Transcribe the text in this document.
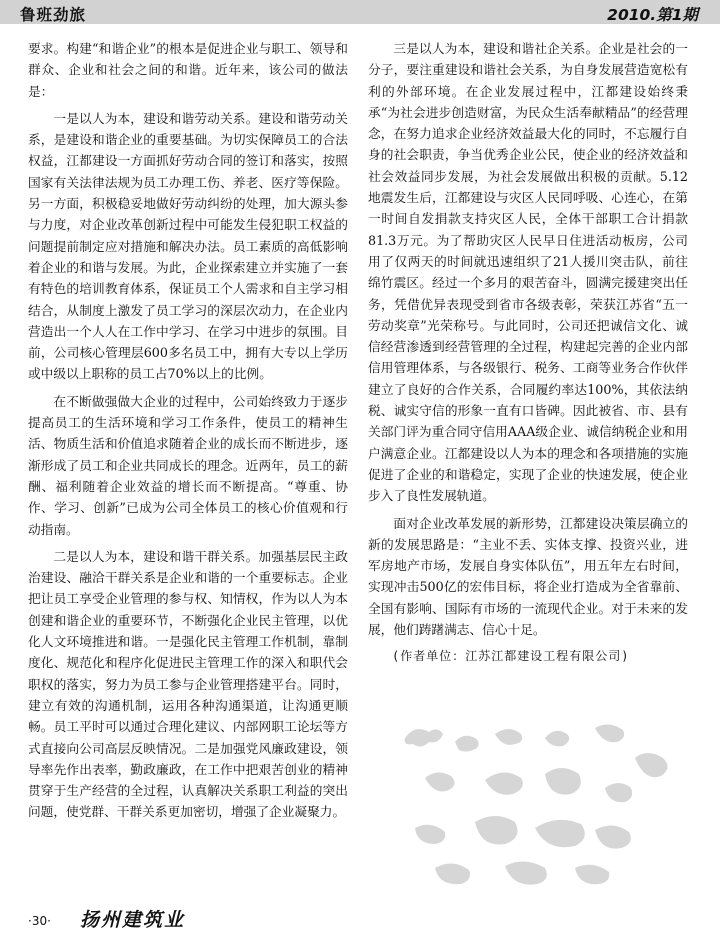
鲁班劲旅	2010.第1期

要求。构建“和谐企业”的根本是促进企业与职工、领导和群众、企业和社会之间的和谐。近年来，该公司的做法是：

一是以人为本，建设和谐劳动关系。建设和谐劳动关系，是建设和谐企业的重要基础。为切实保障员工的合法权益，江都建设一方面抓好劳动合同的签订和落实，按照国家有关法律法规为员工办理工伤、养老、医疗等保险。另一方面，积极稳妥地做好劳动纠纷的处理，加大源头参与力度，对企业改革创新过程中可能发生侵犯职工权益的问题提前制定应对措施和解决办法。员工素质的高低影响着企业的和谐与发展。为此，企业探索建立并实施了一套有特色的培训教育体系，保证员工个人需求和自主学习相结合，从制度上激发了员工学习的深层次动力，在企业内营造出一个人人在工作中学习、在学习中进步的氛围。目前，公司核心管理层600多名员工中，拥有大专以上学历或中级以上职称的员工占70%以上的比例。

在不断做强做大企业的过程中，公司始终致力于逐步提高员工的生活环境和学习工作条件，使员工的精神生活、物质生活和价值追求随着企业的成长而不断进步，逐渐形成了员工和企业共同成长的理念。近两年，员工的薪酬、福利随着企业效益的增长而不断提高。“尊重、协作、学习、创新”已成为公司全体员工的核心价值观和行动指南。

二是以人为本，建设和谐干群关系。加强基层民主政治建设、融洽干群关系是企业和谐的一个重要标志。企业把让员工享受企业管理的参与权、知情权，作为以人为本创建和谐企业的重要环节，不断强化企业民主管理，以优化人文环境推进和谐。一是强化民主管理工作机制，靠制度化、规范化和程序化促进民主管理工作的深入和职代会职权的落实，努力为员工参与企业管理搭建平台。同时，建立有效的沟通机制，运用各种沟通渠道，让沟通更顺畅。员工平时可以通过合理化建议、内部网职工论坛等方式直接向公司高层反映情况。二是加强党风廉政建设，领导率先作出表率，勤政廉政，在工作中把艰苦创业的精神贯穿于生产经营的全过程，认真解决关系职工利益的突出问题，使党群、干群关系更加密切，增强了企业凝聚力。

三是以人为本，建设和谐社企关系。企业是社会的一分子，要注重建设和谐社会关系，为自身发展营造宽松有利的外部环境。在企业发展过程中，江都建设始终秉承“为社会进步创造财富，为民众生活奉献精品”的经营理念，在努力追求企业经济效益最大化的同时，不忘履行自身的社会职责，争当优秀企业公民，使企业的经济效益和社会效益同步发展，为社会发展做出积极的贡献。5.12地震发生后，江都建设与灾区人民同呼吸、心连心，在第一时间自发捐款支持灾区人民，全体干部职工合计捐款81.3万元。为了帮助灾区人民早日住进活动板房，公司用了仅两天的时间就迅速组织了21人援川突击队，前往绵竹震区。经过一个多月的艰苦奋斗，圆满完援建突出任务，凭借优异表现受到省市各级表彰，荣获江苏省“五一劳动奖章”光荣称号。与此同时，公司还把诚信文化、诚信经营渗透到经营管理的全过程，构建起完善的企业内部信用管理体系，与各级银行、税务、工商等业务合作伙伴建立了良好的合作关系，合同履约率达100%，其依法纳税、诚实守信的形象一直有口皆碑。因此被省、市、县有关部门评为重合同守信用AAA级企业、诚信纳税企业和用户满意企业。江都建设以人为本的理念和各项措施的实施促进了企业的和谐稳定，实现了企业的快速发展，使企业步入了良性发展轨道。

面对企业改革发展的新形势，江都建设决策层确立的新的发展思路是：“主业不丢、实体支撑、投资兴业，进军房地产市场，发展自身实体队伍”，用五年左右时间，实现冲击500亿的宏伟目标，将企业打造成为全省靠前、全国有影响、国际有市场的一流现代企业。对于未来的发展，他们踌躇满志、信心十足。

(作者单位：江苏江都建设工程有限公司)

·30· 扬州建筑业
